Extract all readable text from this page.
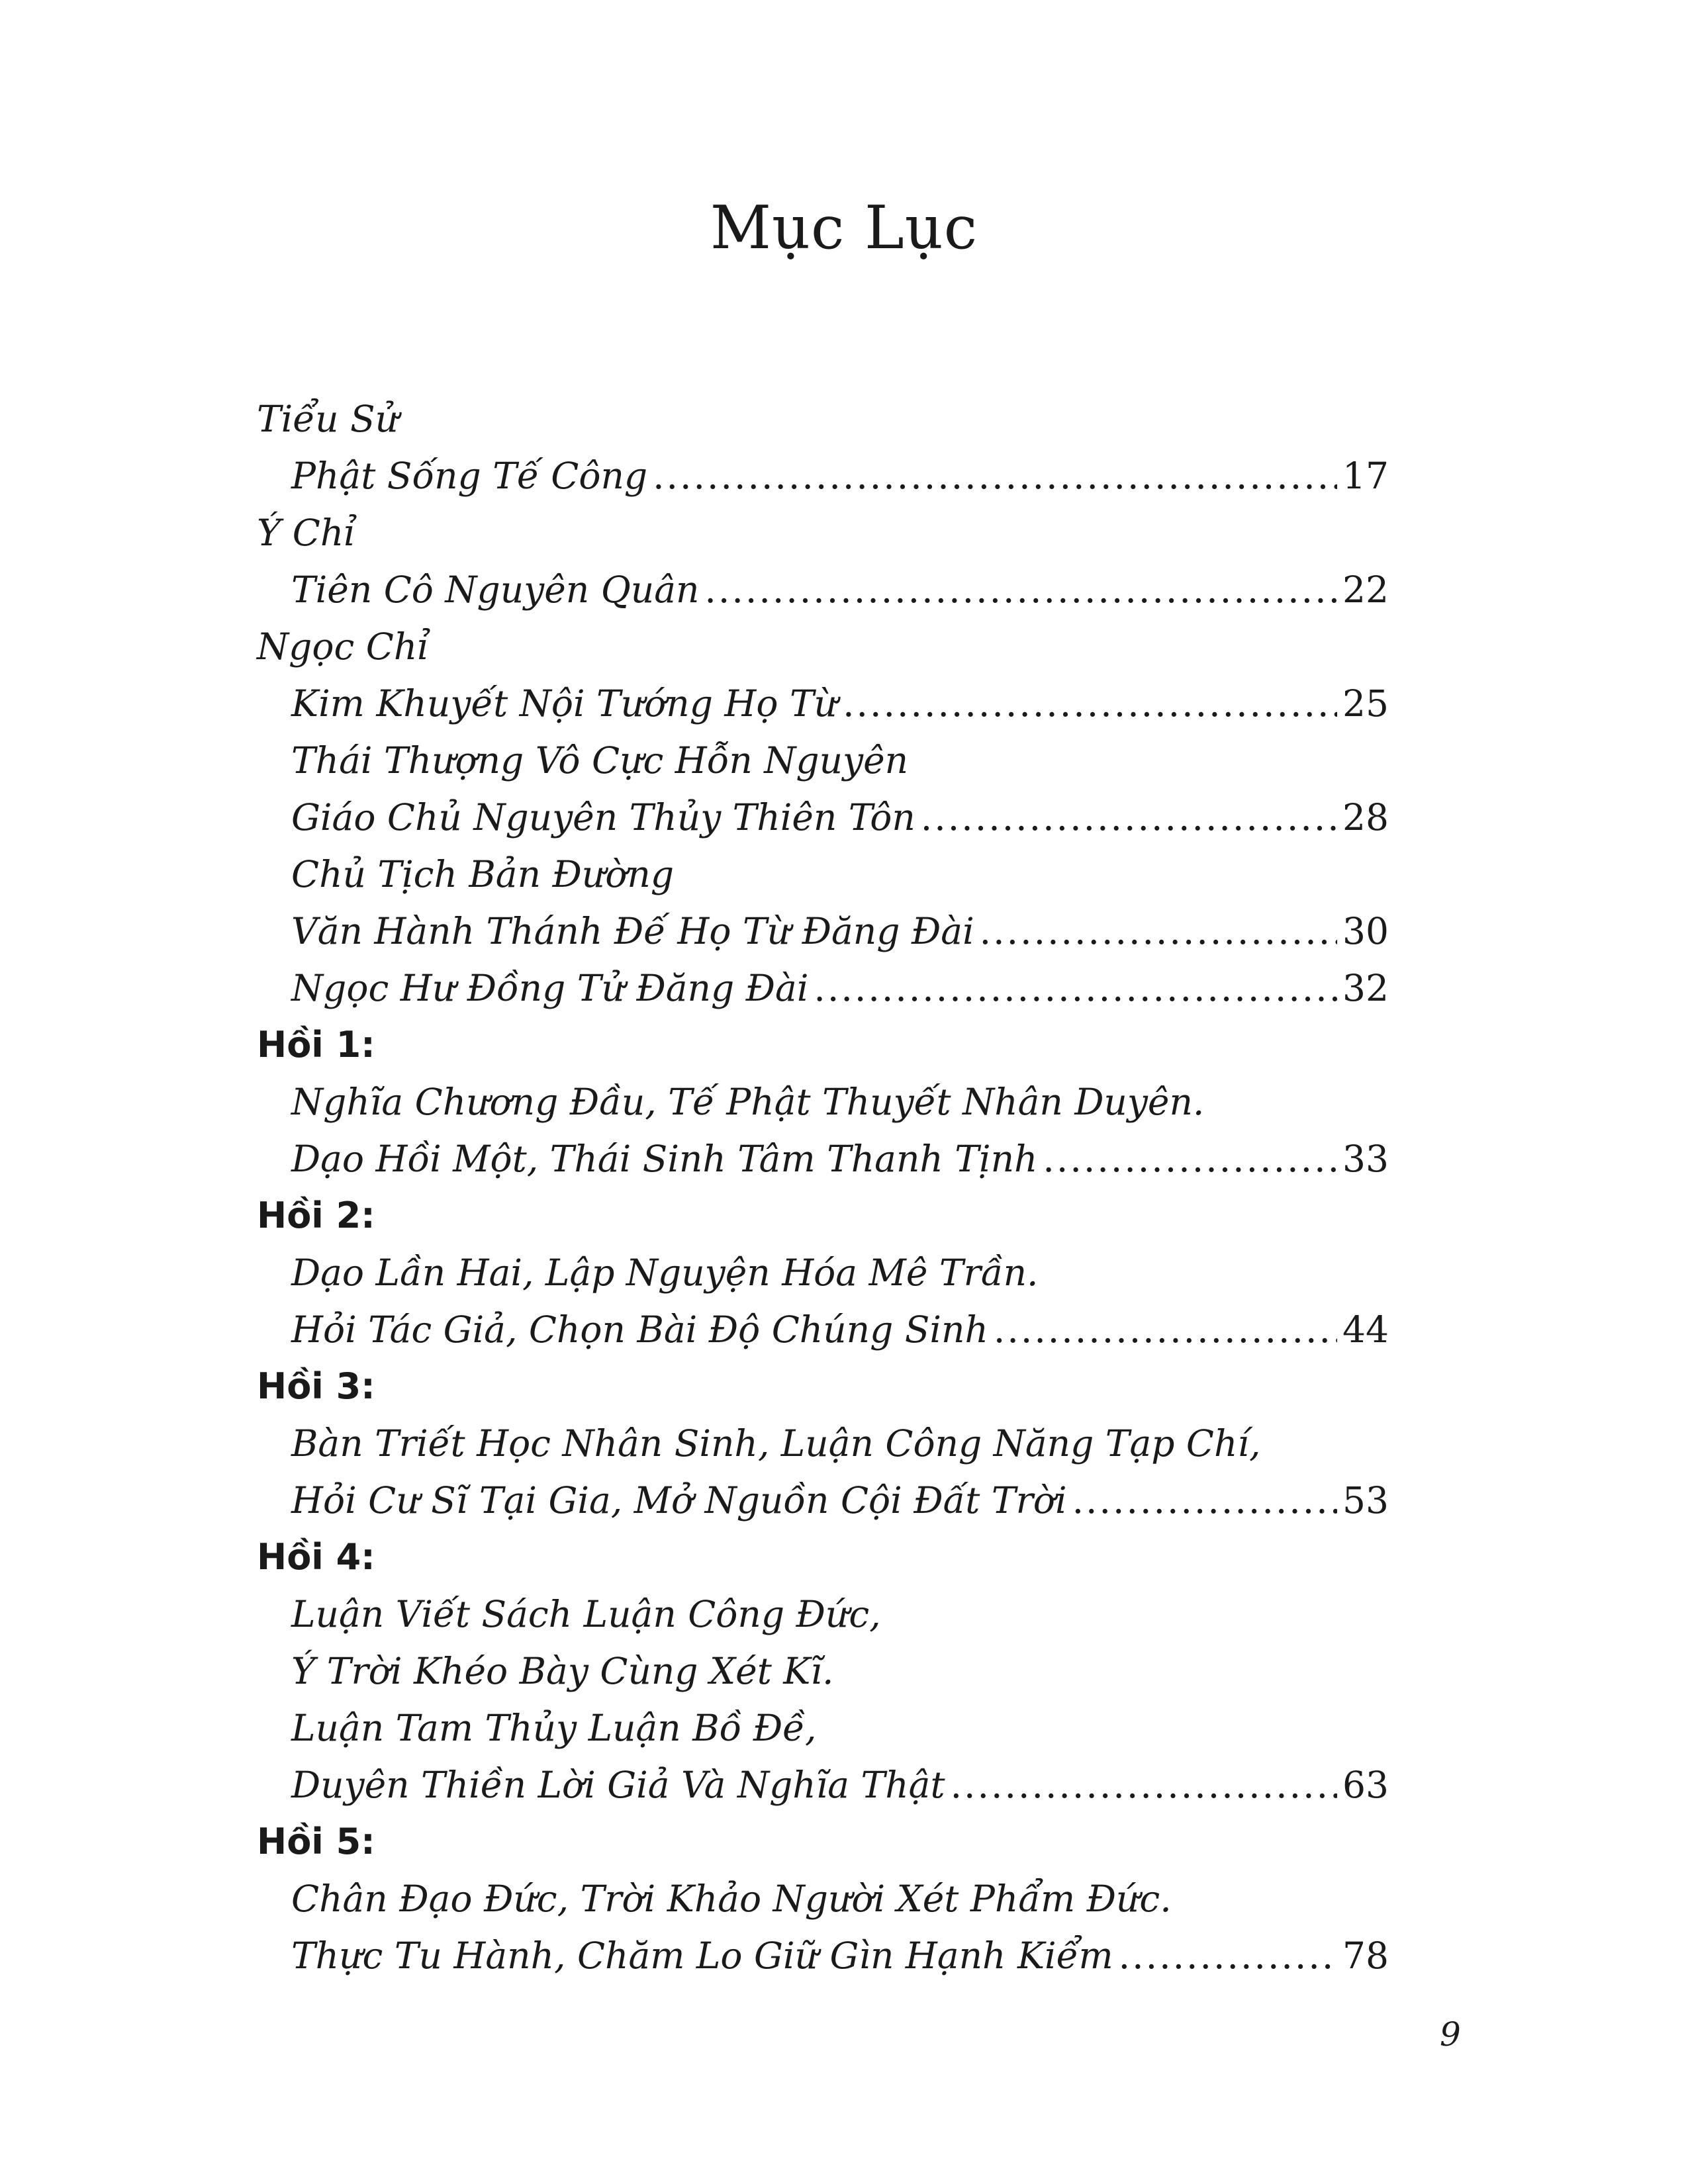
Mục Lục
Tiểu Sử
Phật Sống Tế Công .....	17
Ý Chỉ
Tiên Cô Nguyên Quân .....	22
Ngọc Chỉ
Kim Khuyết Nội Tướng Họ Từ .....	25
Thái Thượng Vô Cực Hỗn Nguyên
Giáo Chủ Nguyên Thủy Thiên Tôn .....	28
Chủ Tịch Bản Đường
Văn Hành Thánh Đế Họ Từ Đăng Đài .....	30
Ngọc Hư Đồng Tử Đăng Đài .....	32
Hồi 1:
Nghĩa Chương Đầu, Tế Phật Thuyết Nhân Duyên.
Dạo Hồi Một, Thái Sinh Tâm Thanh Tịnh .....	33
Hồi 2:
Dạo Lần Hai, Lập Nguyện Hóa Mê Trần.
Hỏi Tác Giả, Chọn Bài Độ Chúng Sinh .....	44
Hồi 3:
Bàn Triết Học Nhân Sinh, Luận Công Năng Tạp Chí,
Hỏi Cư Sĩ Tại Gia, Mở Nguồn Cội Đất Trời .....	53
Hồi 4:
Luận Viết Sách Luận Công Đức,
Ý Trời Khéo Bày Cùng Xét Kĩ.
Luận Tam Thủy Luận Bồ Đề,
Duyên Thiền Lời Giả Và Nghĩa Thật .....	63
Hồi 5:
Chân Đạo Đức, Trời Khảo Người Xét Phẩm Đức.
Thực Tu Hành, Chăm Lo Giữ Gìn Hạnh Kiểm .....	78
9
